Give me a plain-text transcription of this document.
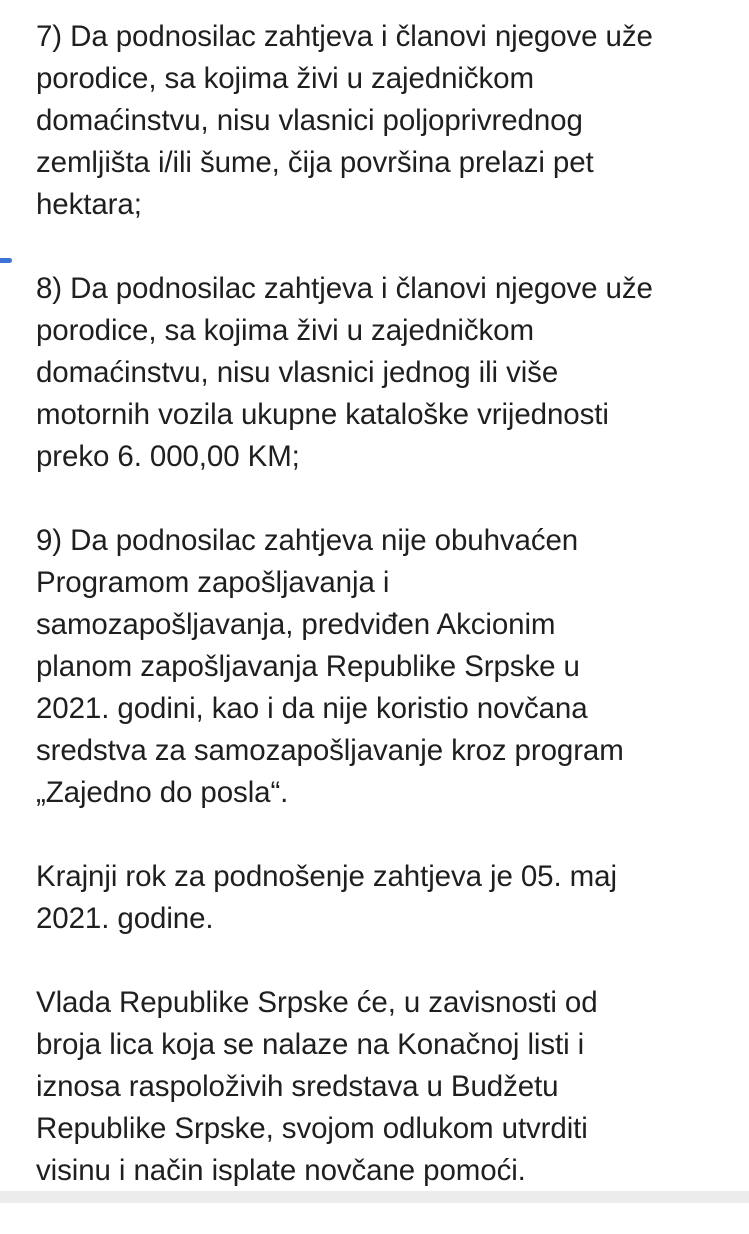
7) Da podnosilac zahtjeva i članovi njegove uže
porodice, sa kojima živi u zajedničkom
domaćinstvu, nisu vlasnici poljoprivrednog
zemljišta i/ili šume, čija površina prelazi pet
hektara;

8) Da podnosilac zahtjeva i članovi njegove uže
porodice, sa kojima živi u zajedničkom
domaćinstvu, nisu vlasnici jednog ili više
motornih vozila ukupne kataloške vrijednosti
preko 6. 000,00 KM;

9) Da podnosilac zahtjeva nije obuhvaćen
Programom zapošljavanja i
samozapošljavanja, predviđen Akcionim
planom zapošljavanja Republike Srpske u
2021. godini, kao i da nije koristio novčana
sredstva za samozapošljavanje kroz program
„Zajedno do posla“.

Krajnji rok za podnošenje zahtjeva je 05. maj
2021. godine.

Vlada Republike Srpske će, u zavisnosti od
broja lica koja se nalaze na Konačnoj listi i
iznosa raspoloživih sredstava u Budžetu
Republike Srpske, svojom odlukom utvrditi
visinu i način isplate novčane pomoći.
